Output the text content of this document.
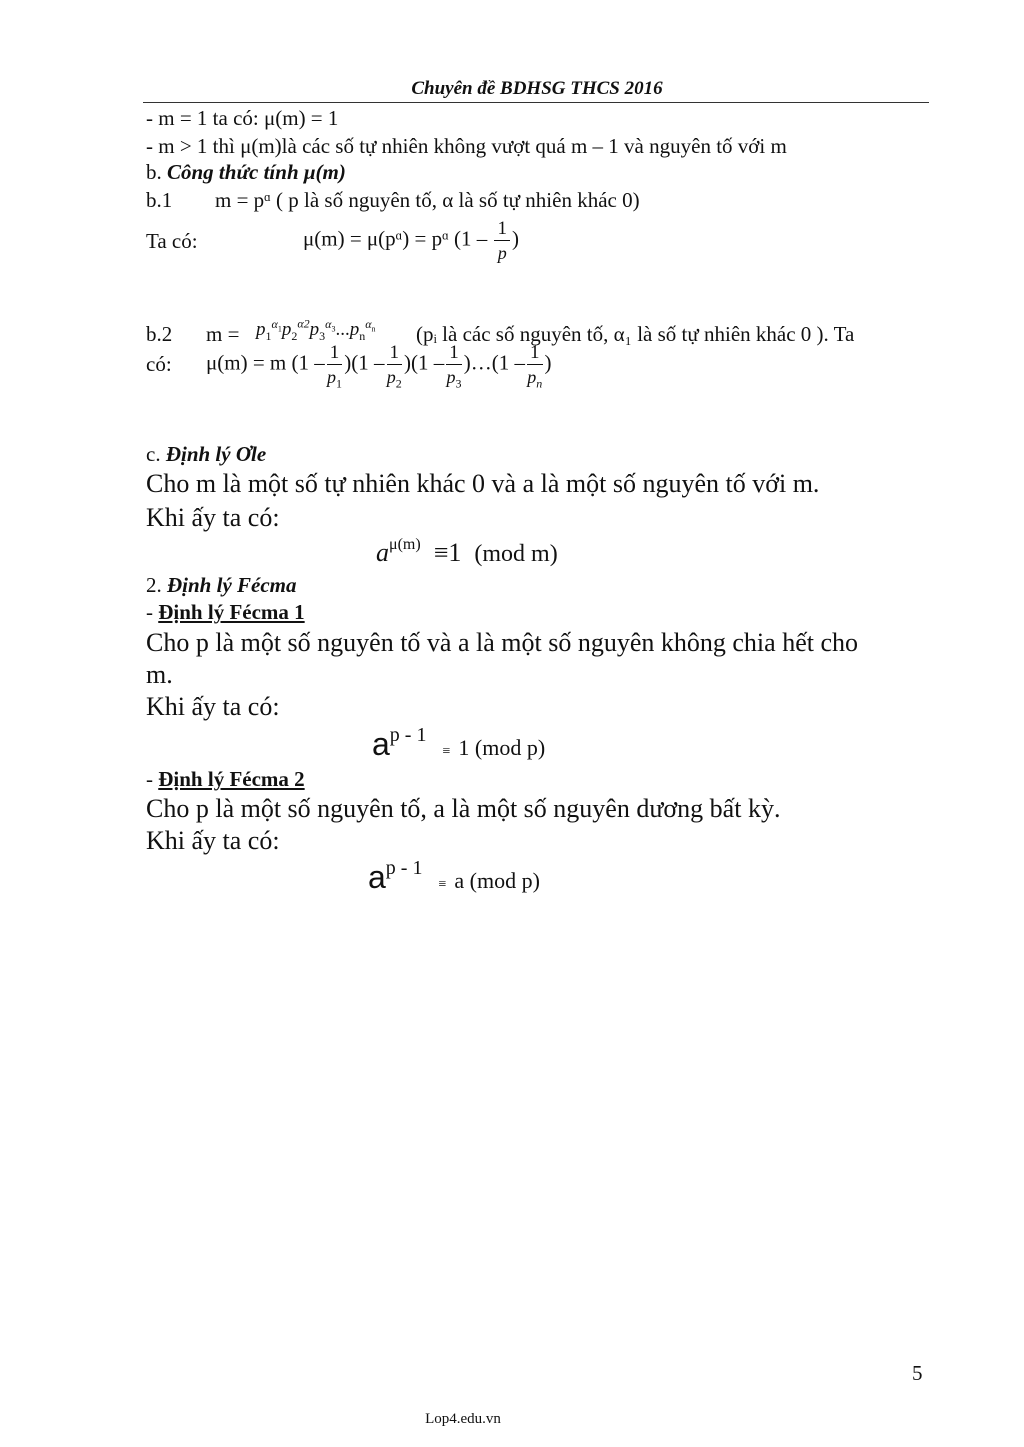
Chuyên đề BDHSG THCS 2016
- m = 1 ta có: μ(m) = 1
- m > 1 thì μ(m)là các số tự nhiên không vượt quá m – 1 và nguyên tố với m
b. Công thức tính μ(m)
b.1 m = pᵅ ( p là số nguyên tố, α là số tự nhiên khác 0)
Ta có:	μ(m) = μ(pᵅ) = pᵅ ($1 - \frac{1}{p}$ )
b.2 $m = p_1^{\alpha_1}p_2^{\alpha 2}p_3^{\alpha_3}...p_n^{\alpha_n}$ (pᵢ là các số nguyên tố, α₁ là số tự nhiên khác 0 ). Ta
có: μ(m) = m $(1 - \frac{1}{p_1} )(1 - \frac{1}{p_2} )(1 - \frac{1}{p_3}$ )…(1 – $\frac{1}{p_n}$ )
c. Định lý Ơle
Cho m là một số tự nhiên khác 0 và a là một số nguyên tố với m.
Khi ấy ta có:
$a^{\mu(m)} \equiv 1$ (mod m)
2. Định lý Fécma
- Định lý Fécma 1
Cho p là một số nguyên tố và a là một số nguyên không chia hết cho
m.
Khi ấy ta có:
$a^{p - 1}$    ≡ 1 (mod p)
- Định lý Fécma 2
Cho p là một số nguyên tố, a là một số nguyên dương bất kỳ.
Khi ấy ta có:
$a^{p - 1}$    ≡ a (mod p)
5
Lop4.edu.vn
